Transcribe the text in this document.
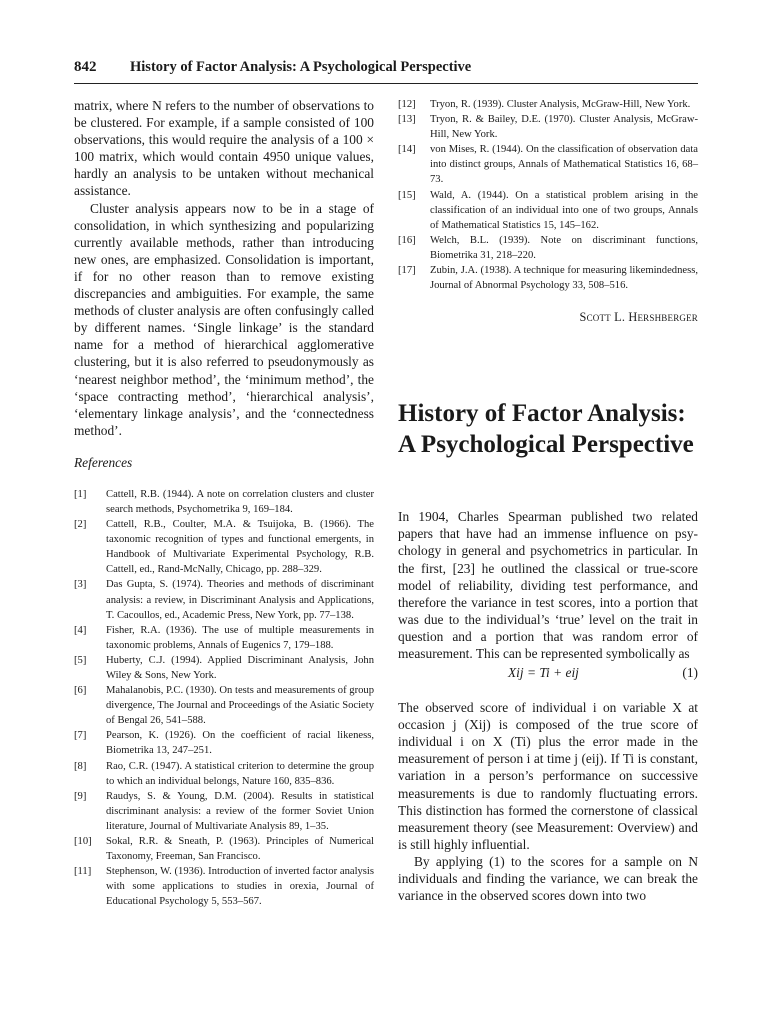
842 History of Factor Analysis: A Psychological Perspective

matrix, where N refers to the number of observations to be clustered. For example, if a sample consisted of 100 observations, this would require the analysis of a 100 × 100 matrix, which would contain 4950 unique values, hardly an analysis to be untaken without mechanical assistance.

Cluster analysis appears now to be in a stage of consolidation, in which synthesizing and popularizing currently available methods, rather than introducing new ones, are emphasized. Consolidation is important, if for no other reason than to remove existing discrepancies and ambiguities. For example, the same methods of cluster analysis are often confusingly called by different names. ‘Single linkage’ is the standard name for a method of hierarchical agglomerative clustering, but it is also referred to pseudonymously as ‘nearest neighbor method’, the ‘minimum method’, the ‘space contracting method’, ‘hierarchical analysis’, ‘elementary linkage analysis’, and the ‘connectedness method’.

References
[1]	Cattell, R.B. (1944). A note on correlation clusters and cluster search methods, Psychometrika 9, 169–184.
[2]	Cattell, R.B., Coulter, M.A. & Tsuijoka, B. (1966). The taxonomic recognition of types and functional emergents, in Handbook of Multivariate Experimental Psychology, R.B. Cattell, ed., Rand-McNally, Chicago, pp. 288–329.
[3]	Das Gupta, S. (1974). Theories and methods of discriminant analysis: a review, in Discriminant Analysis and Applications, T. Cacoullos, ed., Academic Press, New York, pp. 77–138.
[4]	Fisher, R.A. (1936). The use of multiple measurements in taxonomic problems, Annals of Eugenics 7, 179–188.
[5]	Huberty, C.J. (1994). Applied Discriminant Analysis, John Wiley & Sons, New York.
[6]	Mahalanobis, P.C. (1930). On tests and measurements of group divergence, The Journal and Proceedings of the Asiatic Society of Bengal 26, 541–588.
[7]	Pearson, K. (1926). On the coefficient of racial likeness, Biometrika 13, 247–251.
[8]	Rao, C.R. (1947). A statistical criterion to determine the group to which an individual belongs, Nature 160, 835–836.
[9]	Raudys, S. & Young, D.M. (2004). Results in statistical discriminant analysis: a review of the former Soviet Union literature, Journal of Multivariate Analysis 89, 1–35.
[10]	Sokal, R.R. & Sneath, P. (1963). Principles of Numerical Taxonomy, Freeman, San Francisco.
[11]	Stephenson, W. (1936). Introduction of inverted factor analysis with some applications to studies in orexia, Journal of Educational Psychology 5, 553–567.
[12]	Tryon, R. (1939). Cluster Analysis, McGraw-Hill, New York.
[13]	Tryon, R. & Bailey, D.E. (1970). Cluster Analysis, McGraw-Hill, New York.
[14]	von Mises, R. (1944). On the classification of observation data into distinct groups, Annals of Mathematical Statistics 16, 68–73.
[15]	Wald, A. (1944). On a statistical problem arising in the classification of an individual into one of two groups, Annals of Mathematical Statistics 15, 145–162.
[16]	Welch, B.L. (1939). Note on discriminant functions, Biometrika 31, 218–220.
[17]	Zubin, J.A. (1938). A technique for measuring likemindedness, Journal of Abnormal Psychology 33, 508–516.
Scott L. Hershberger
History of Factor Analysis: A Psychological Perspective

In 1904, Charles Spearman published two related papers that have had an immense influence on psychology in general and psychometrics in particular. In the first, [23] he outlined the classical or true-score model of reliability, dividing test performance, and therefore the variance in test scores, into a portion that was due to the individual’s ‘true’ level on the trait in question and a portion that was random error of measurement. This can be represented symbolically as

Xij = Ti + eij	(1)

The observed score of individual i on variable X at occasion j (Xij) is composed of the true score of individual i on X (Ti) plus the error made in the measurement of person i at time j (eij). If Ti is constant, variation in a person’s performance on successive measurements is due to randomly fluctuating errors. This distinction has formed the cornerstone of classical measurement theory (see Measurement: Overview) and is still highly influential.

By applying (1) to the scores for a sample on N individuals and finding the variance, we can break the variance in the observed scores down into two
